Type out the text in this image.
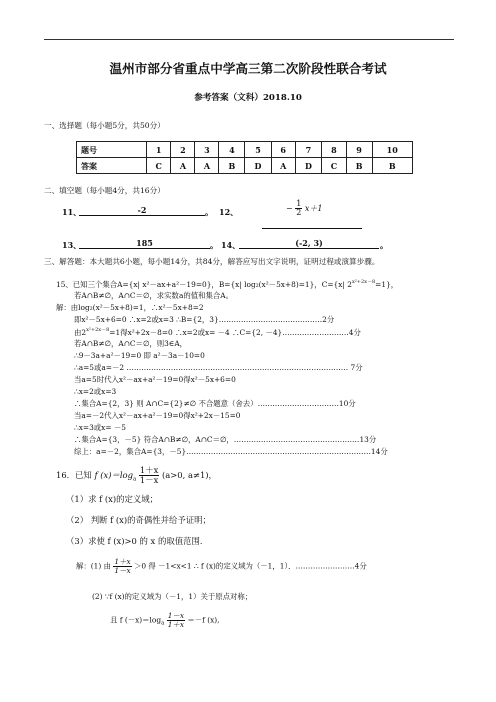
温州市部分省重点中学高三第二次阶段性联合考试
参考答案（文科）2018.10
一、选择题（每小题5分，共50分）
题号	1	2	3	4	5	6	7	8	9	10
答案	C	A	A	B	D	A	D	C	B	B
二、填空题（每小题4分，共16分）
11、	-2	。 12、	− $\frac{1}{2} x+1$
13、	185	。 14、	(-2, 3)	。
三、解答题：本大题共6小题，每小题14分，共84分，解答应写出文字说明，证明过程或演算步骤。
15、已知三个集合A={x| x²－ax+a²－19=0}，B={x| log₂(x²－5x+8)=1}，C={x| $2^{x^2+2x-8}=1$}，
若A∩B≠∅，A∩C＝∅，求实数a的值和集合A。
解：由log₂(x²－5x+8)=1，∴x²－5x+8=2
即x²－5x+6=0 ∴x=2或x=3 ∴B={2，3}……………………………………2分
由$2^{x^2+2x-8}=1$得x²+2x－8=0 ∴x=2或x= －4 ∴C={2, －4}………………………4分
若A∩B≠∅，A∩C＝∅，则3∈A，
∴9－3a+a²－19=0 即 a²－3a－10=0
∴a=5或a=－2 ……………………………………………………………………………… 7分
当a=5时代入x²－ax+a²－19=0得x²－5x+6=0
∴x=2或x=3
∴集合A={2，3} 则 A∩C={2}≠∅ 不合题意（舍去）……………………………10分
当a=－2代入x²－ax+a²－19=0得x²+2x－15=0
∴x=3或x= －5
∴集合A={3，－5} 符合A∩B≠∅，A∩C＝∅，……………………………………………13分
综上：a=－2，集合A={3，－5}…………………………………………………………………14分
16．已知 f $(x)=\log_a \frac{1+x}{1-x} (a>0$, a≠1)，
（1）求 f (x)的定义域；
（2） 判断 f (x)的奇偶性并给予证明；
（3）求使 f (x)>0 的 x 的取值范围．
解：(1) 由 $\frac{1+x}{1-x} >0$ 得 －1<x<1 ∴ f (x)的定义域为（－1，1）．……………………4分
(2) ∵f (x)的定义域为（－1，1）关于原点对称；
且 f $(-x)=\log_a \frac{1-x}{1+x} =-f$ (x),
